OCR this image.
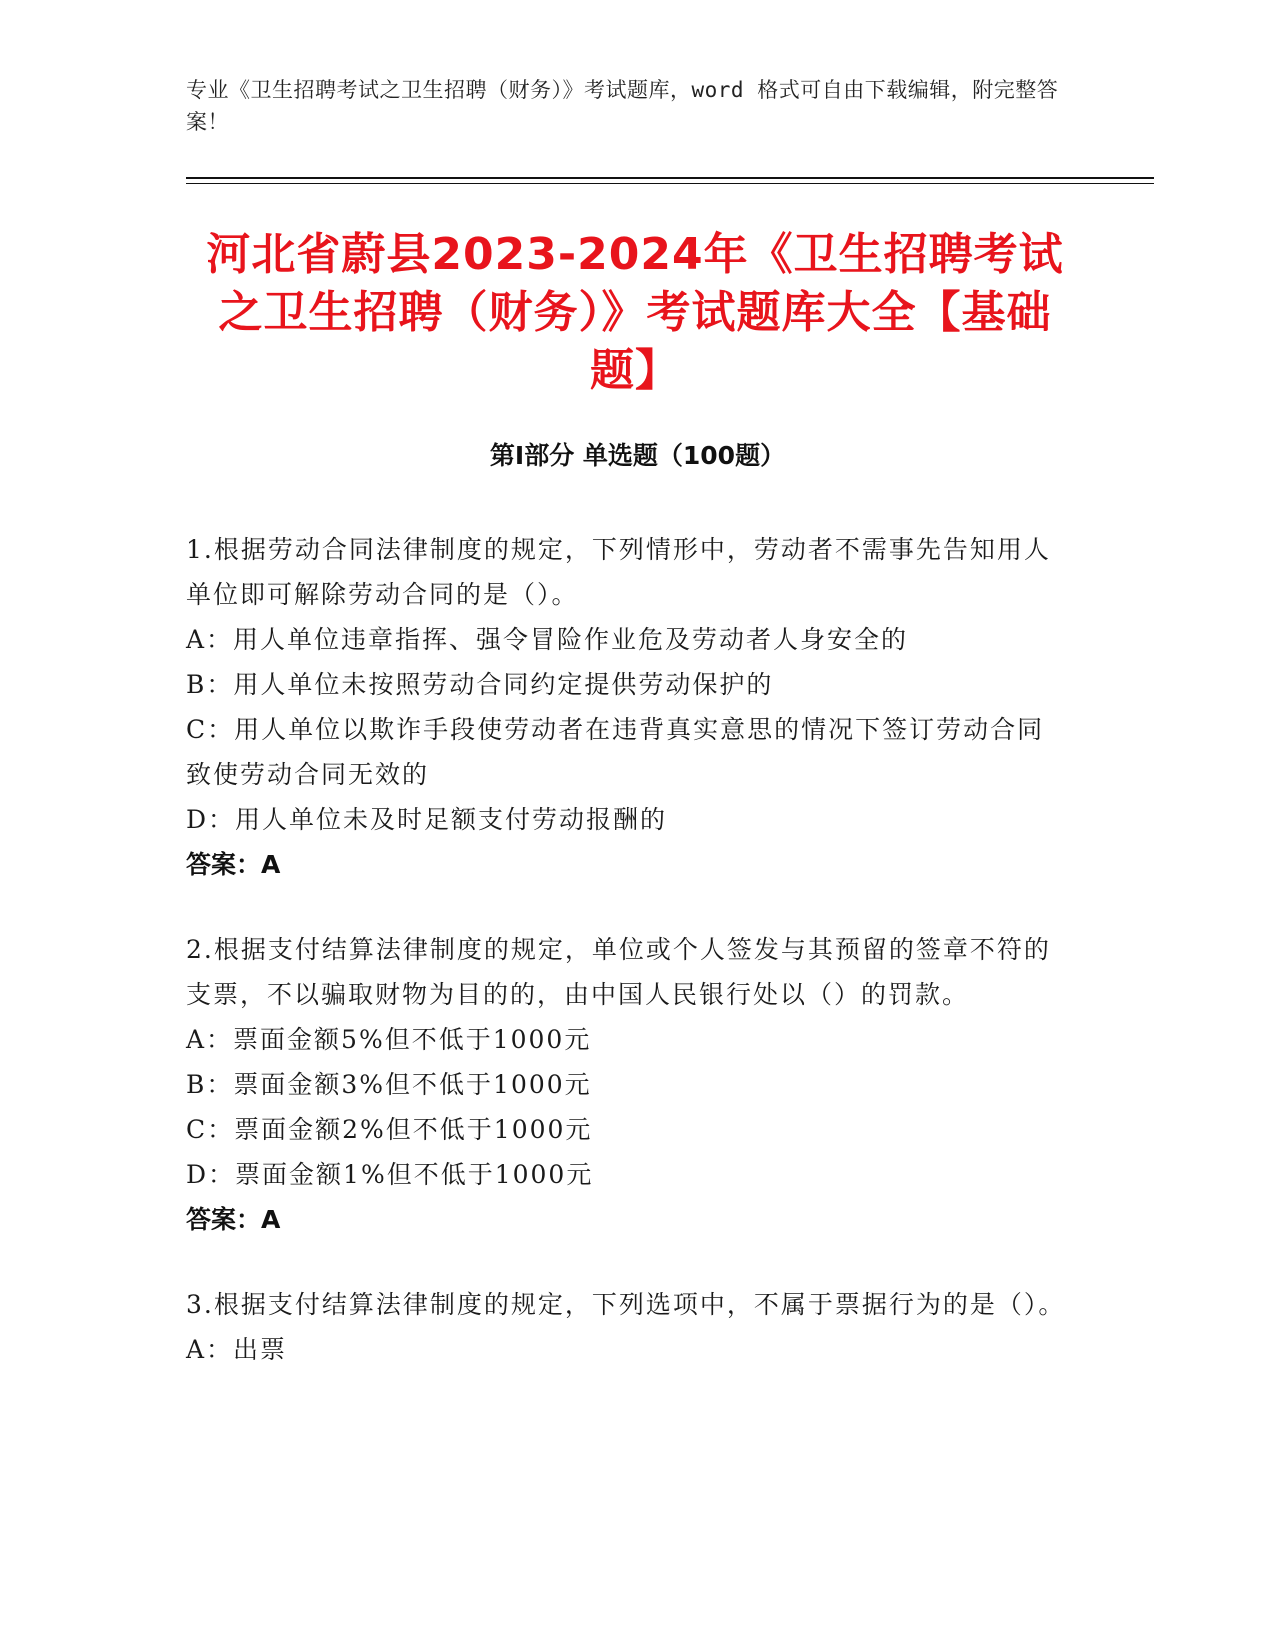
专业《卫生招聘考试之卫生招聘（财务）》考试题库，word 格式可自由下载编辑，附完整答案！
河北省蔚县2023-2024年《卫生招聘考试之卫生招聘（财务）》考试题库大全【基础题】
第Ⅰ部分 单选题（100题）
1.根据劳动合同法律制度的规定，下列情形中，劳动者不需事先告知用人单位即可解除劳动合同的是（）。
A：用人单位违章指挥、强令冒险作业危及劳动者人身安全的
B：用人单位未按照劳动合同约定提供劳动保护的
C：用人单位以欺诈手段使劳动者在违背真实意思的情况下签订劳动合同致使劳动合同无效的
D：用人单位未及时足额支付劳动报酬的
答案：A
2.根据支付结算法律制度的规定，单位或个人签发与其预留的签章不符的支票，不以骗取财物为目的的，由中国人民银行处以（）的罚款。
A：票面金额5%但不低于1000元
B：票面金额3%但不低于1000元
C：票面金额2%但不低于1000元
D：票面金额1%但不低于1000元
答案：A
3.根据支付结算法律制度的规定，下列选项中，不属于票据行为的是（）。
A：出票
